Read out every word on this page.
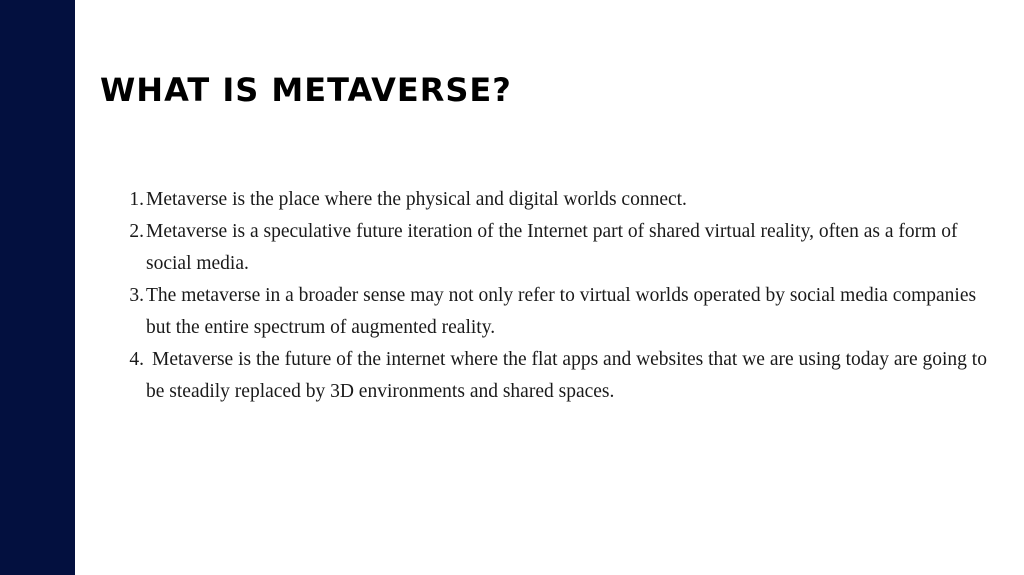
WHAT IS METAVERSE?
1. Metaverse is the place where the physical and digital worlds connect.
2. Metaverse is a speculative future iteration of the Internet part of shared virtual reality, often as a form of social media.
3. The metaverse in a broader sense may not only refer to virtual worlds operated by social media companies but the entire spectrum of augmented reality.
4. Metaverse is the future of the internet where the flat apps and websites that we are using today are going to be steadily replaced by 3D environments and shared spaces.
